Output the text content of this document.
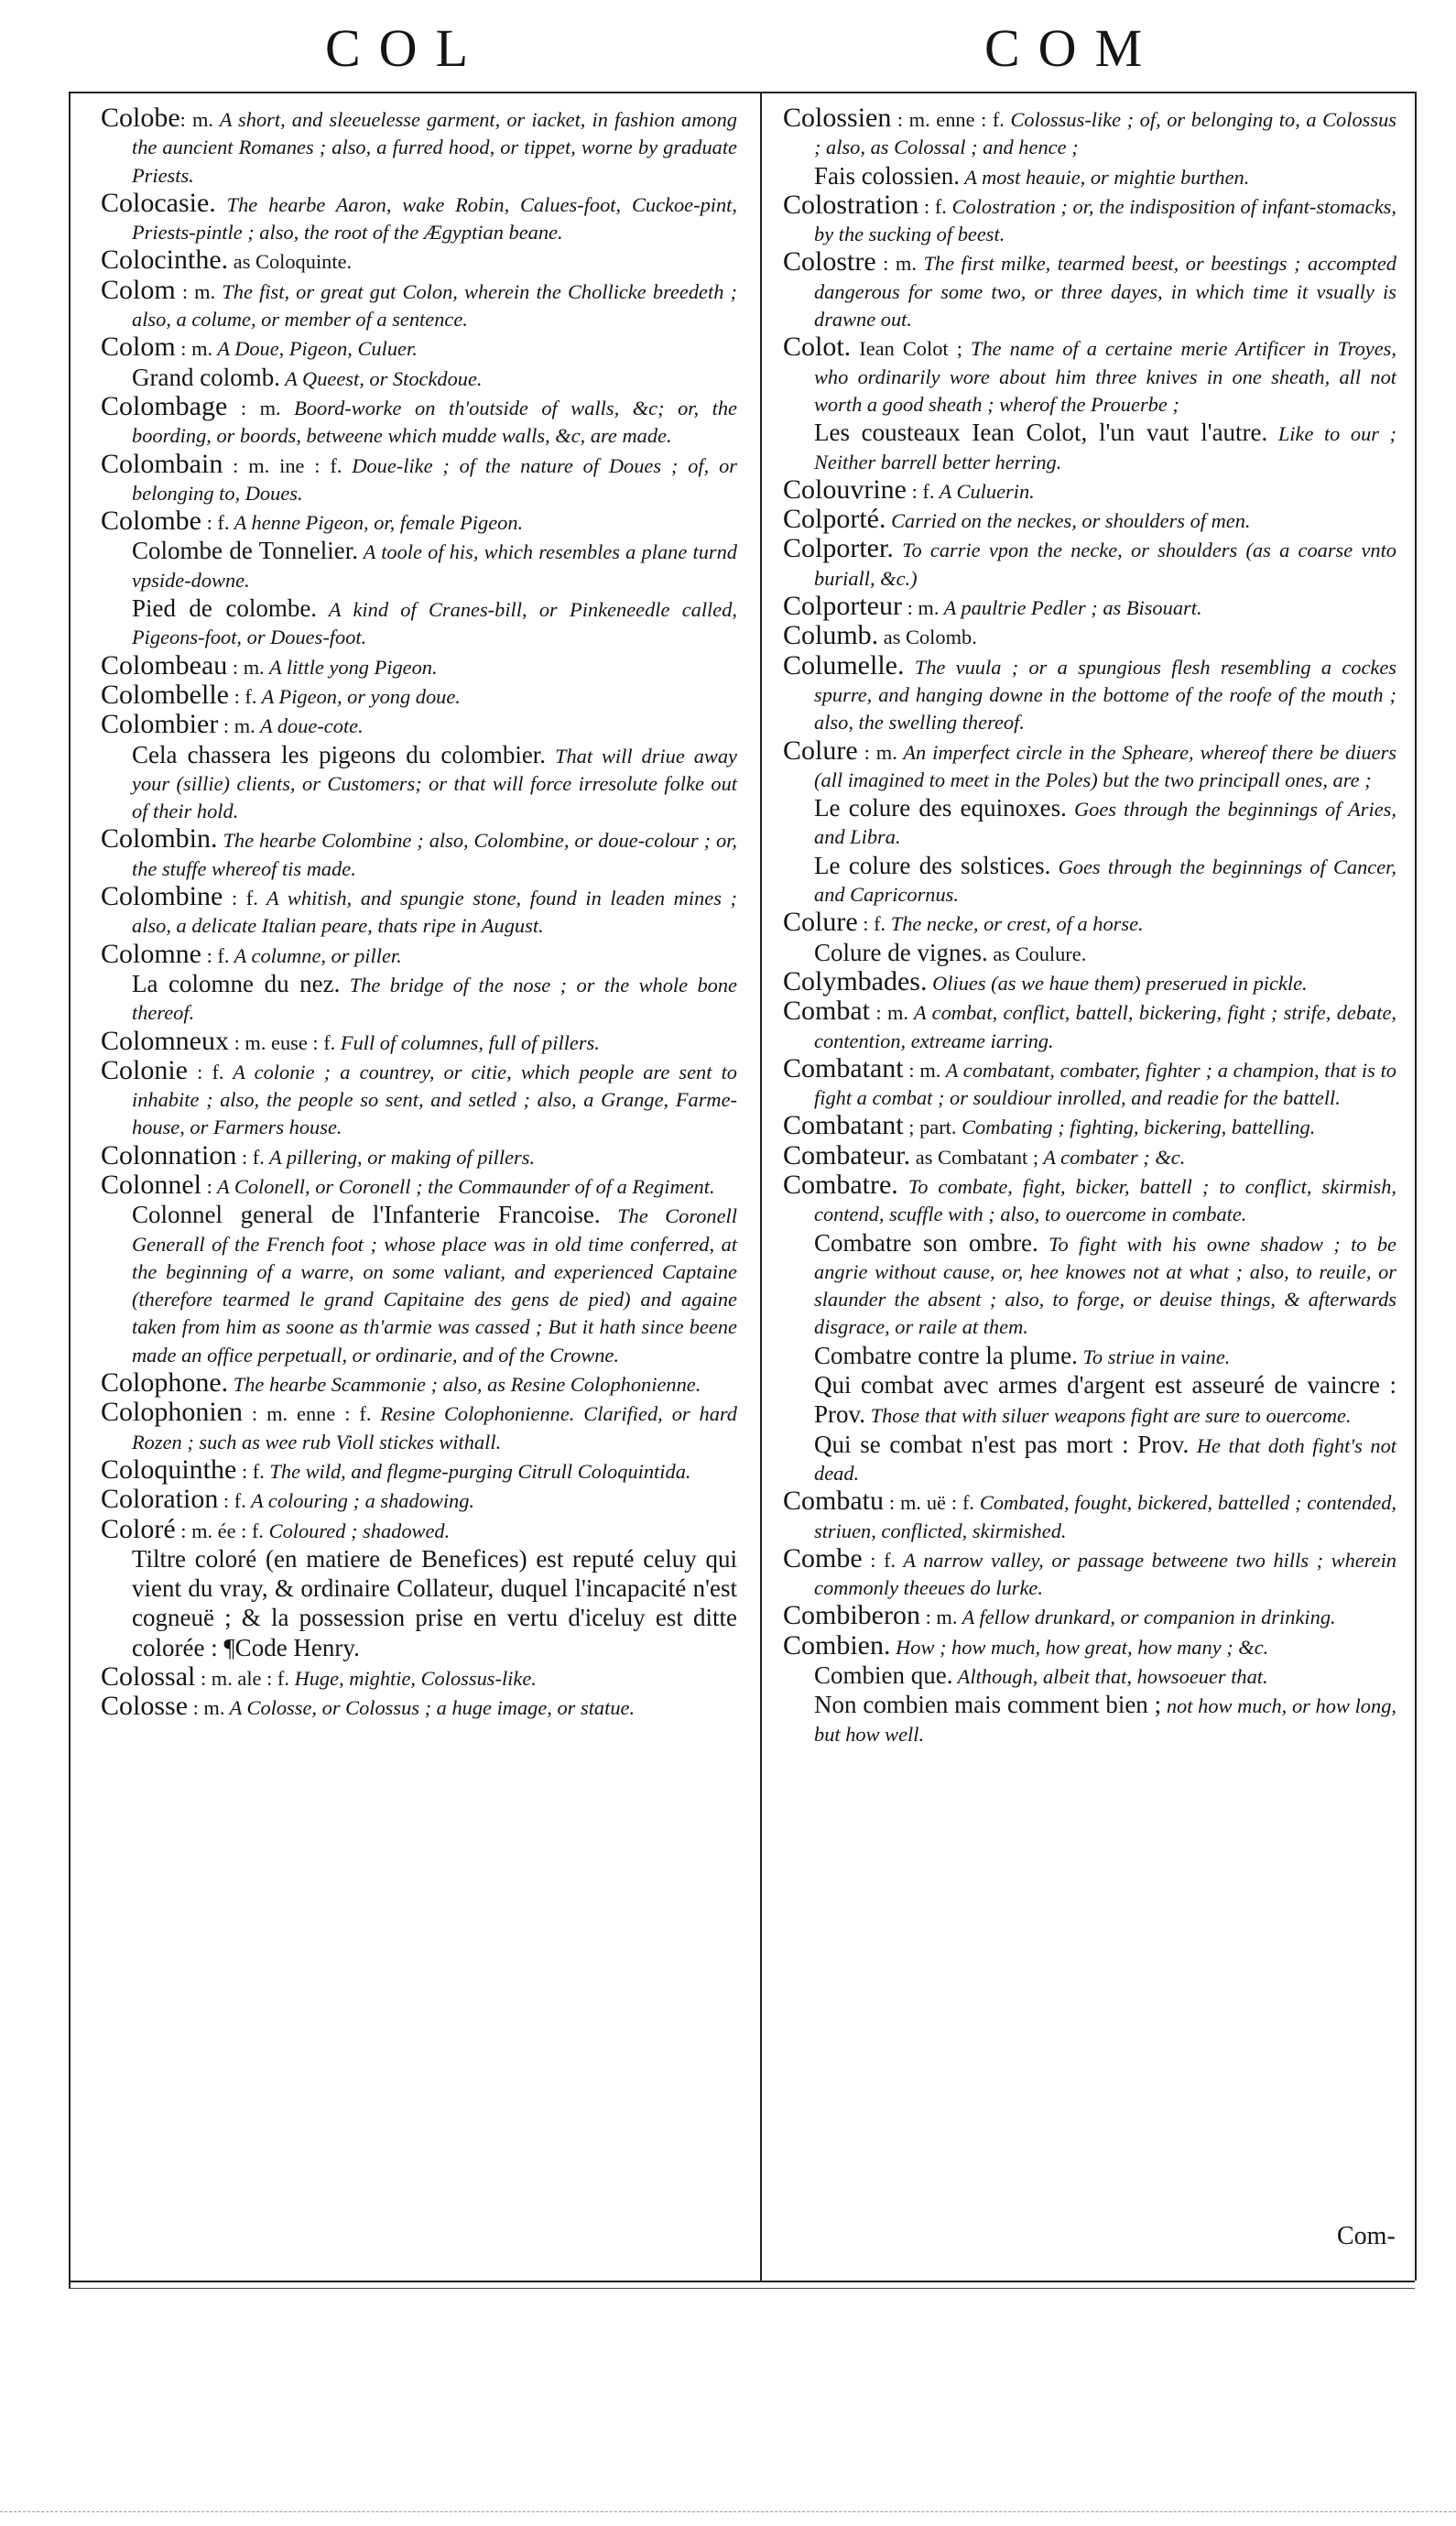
COL	COM

Colobe: m. A short, and sleeuelesse garment, or iacket, in fashion among the auncient Romanes ; also, a furred hood, or tippet, worne by graduate Priests.

Colocasie. The hearbe Aaron, wake Robin, Calues-foot, Cuckoe-pint, Priests-pintle ; also, the root of the Ægyptian beane.

Colocinthe. as Coloquinte.

Colom : m. The fist, or great gut Colon, wherein the Chollicke breedeth ; also, a colume, or member of a sentence.

Colom : m. A Doue, Pigeon, Culuer.

Grand colomb. A Queest, or Stockdoue.

Colombage : m. Boord-worke on th'outside of walls, &c; or, the boording, or boords, betweene which mudde walls, &c, are made.

Colombain : m. ine : f. Doue-like ; of the nature of Doues ; of, or belonging to, Doues.

Colombe : f. A henne Pigeon, or, female Pigeon.

Colombe de Tonnelier. A toole of his, which resembles a plane turnd vpside-downe.

Pied de colombe. A kind of Cranes-bill, or Pinkeneedle called, Pigeons-foot, or Doues-foot.

Colombeau : m. A little yong Pigeon.

Colombelle : f. A Pigeon, or yong doue.

Colombier : m. A doue-cote.

Cela chassera les pigeons du colombier. That will driue away your (sillie) clients, or Customers; or that will force irresolute folke out of their hold.

Colombin. The hearbe Colombine ; also, Colombine, or doue-colour ; or, the stuffe whereof tis made.

Colombine : f. A whitish, and spungie stone, found in leaden mines ; also, a delicate Italian peare, thats ripe in August.

Colomne : f. A columne, or piller.

La colomne du nez. The bridge of the nose ; or the whole bone thereof.

Colomneux : m. euse : f. Full of columnes, full of pillers.

Colonie : f. A colonie ; a countrey, or citie, which people are sent to inhabite ; also, the people so sent, and setled ; also, a Grange, Farme-house, or Farmers house.

Colonnation : f. A pillering, or making of pillers.

Colonnel : A Colonell, or Coronell ; the Commaunder of of a Regiment.

Colonnel general de l'Infanterie Francoise. The Coronell Generall of the French foot ; whose place was in old time conferred, at the beginning of a warre, on some valiant, and experienced Captaine (therefore tearmed le grand Capitaine des gens de pied) and againe taken from him as soone as th'armie was cassed ; But it hath since beene made an office perpetuall, or ordinarie, and of the Crowne.

Colophone. The hearbe Scammonie ; also, as Resine Colophonienne.

Colophonien : m. enne : f. Resine Colophonienne. Clarified, or hard Rozen ; such as wee rub Violl stickes withall.

Coloquinthe : f. The wild, and flegme-purging Citrull Coloquintida.

Coloration : f. A colouring ; a shadowing.

Coloré : m. ée : f. Coloured ; shadowed.

Tiltre coloré (en matiere de Benefices) est reputé celuy qui vient du vray, & ordinaire Collateur, duquel l'incapacité n'est cogneuë ; & la possession prise en vertu d'iceluy est ditte colorée : ¶Code Henry.

Colossal : m. ale : f. Huge, mightie, Colossus-like.

Colosse : m. A Colosse, or Colossus ; a huge image, or statue.

Colossien : m. enne : f. Colossus-like ; of, or belonging to, a Colossus ; also, as Colossal ; and hence ;

Fais colossien. A most heauie, or mightie burthen.

Colostration : f. Colostration ; or, the indisposition of infant-stomacks, by the sucking of beest.

Colostre : m. The first milke, tearmed beest, or beestings ; accompted dangerous for some two, or three dayes, in which time it vsually is drawne out.

Colot. Iean Colot ; The name of a certaine merie Artificer in Troyes, who ordinarily wore about him three knives in one sheath, all not worth a good sheath ; wherof the Prouerbe ;

Les cousteaux Iean Colot, l'un vaut l'autre. Like to our ; Neither barrell better herring.

Colouvrine : f. A Culuerin.

Colporté. Carried on the neckes, or shoulders of men.

Colporter. To carrie vpon the necke, or shoulders (as a coarse vnto buriall, &c.)

Colporteur : m. A paultrie Pedler ; as Bisouart.

Columb. as Colomb.

Columelle. The vuula ; or a spungious flesh resembling a cockes spurre, and hanging downe in the bottome of the roofe of the mouth ; also, the swelling thereof.

Colure : m. An imperfect circle in the Spheare, whereof there be diuers (all imagined to meet in the Poles) but the two principall ones, are ;

Le colure des equinoxes. Goes through the beginnings of Aries, and Libra.

Le colure des solstices. Goes through the beginnings of Cancer, and Capricornus.

Colure : f. The necke, or crest, of a horse.

Colure de vignes. as Coulure.

Colymbades. Oliues (as we haue them) preserued in pickle.

Combat : m. A combat, conflict, battell, bickering, fight ; strife, debate, contention, extreame iarring.

Combatant : m. A combatant, combater, fighter ; a champion, that is to fight a combat ; or souldiour inrolled, and readie for the battell.

Combatant ; part. Combating ; fighting, bickering, battelling.

Combateur. as Combatant ; A combater ; &c.

Combatre. To combate, fight, bicker, battell ; to conflict, skirmish, contend, scuffle with ; also, to ouercome in combate.

Combatre son ombre. To fight with his owne shadow ; to be angrie without cause, or, hee knowes not at what ; also, to reuile, or slaunder the absent ; also, to forge, or deuise things, & afterwards disgrace, or raile at them.

Combatre contre la plume. To striue in vaine.

Qui combat avec armes d'argent est asseuré de vaincre : Prov. Those that with siluer weapons fight are sure to ouercome.

Qui se combat n'est pas mort : Prov. He that doth fight's not dead.

Combatu : m. uë : f. Combated, fought, bickered, battelled ; contended, striuen, conflicted, skirmished.

Combe : f. A narrow valley, or passage betweene two hills ; wherein commonly theeues do lurke.

Combiberon : m. A fellow drunkard, or companion in drinking.

Combien. How ; how much, how great, how many ; &c.

Combien que. Although, albeit that, howsoeuer that.

Non combien mais comment bien ; not how much, or how long, but how well.

Com-
